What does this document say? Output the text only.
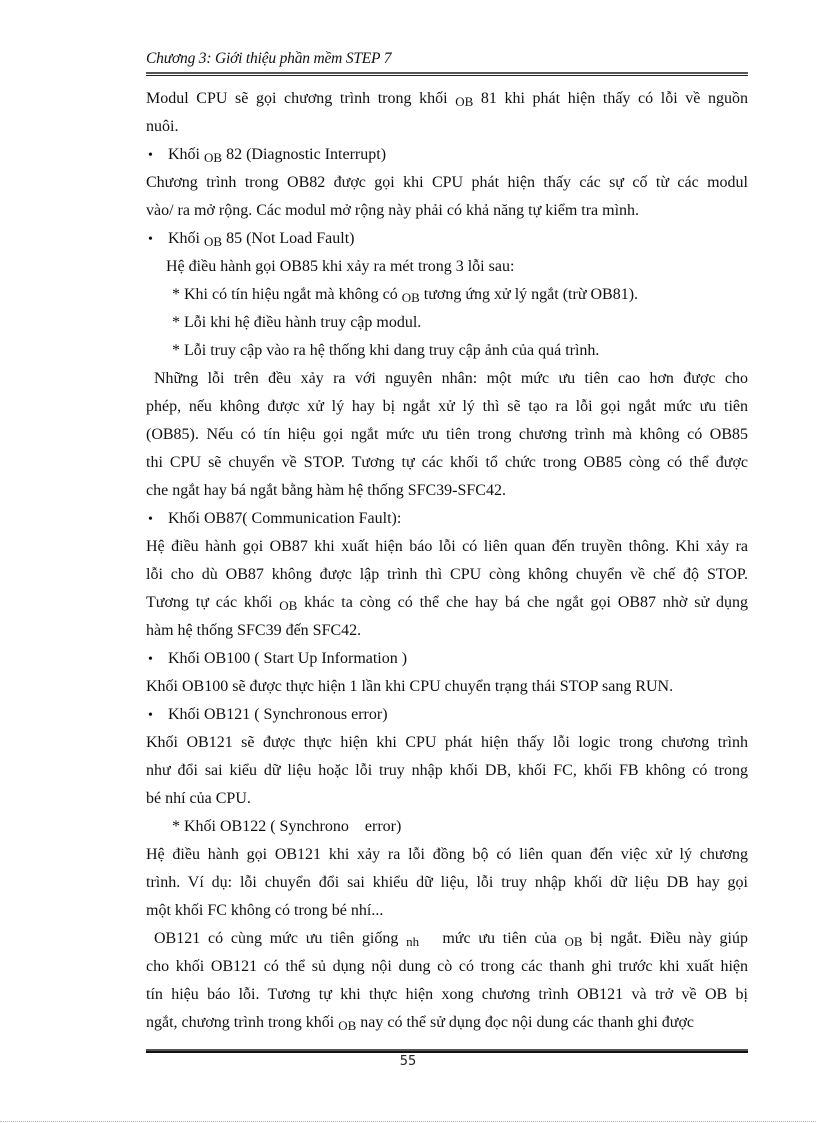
Chương 3: Giới thiệu phần mềm STEP 7
Modul CPU sẽ gọi chương trình trong khối $_{OB}$ 81 khi phát hiện thấy có lỗi về nguồn
nuôi.
• Khối $_{OB}$ 82 (Diagnostic Interrupt)
Chương trình trong OB82 được gọi khi CPU phát hiện thấy các sự cố từ các modul
vào/ ra mở rộng. Các modul mở rộng này phải có khả năng tự kiểm tra mình.
• Khối $_{OB}$ 85 (Not Load Fault)
Hệ điều hành gọi OB85 khi xảy ra mét trong 3 lỗi sau:
* Khi có tín hiệu ngắt mà không có $_{OB}$ tương ứng xử lý ngắt (trừ OB81).
* Lỗi khi hệ điều hành truy cập modul.
* Lỗi truy cập vào ra hệ thống khi dang truy cập ảnh của quá trình.
Những lỗi trên đều xảy ra với nguyên nhân: một mức ưu tiên cao hơn được cho
phép, nếu không được xử lý hay bị ngắt xử lý thì sẽ tạo ra lỗi gọi ngắt mức ưu tiên
(OB85). Nếu có tín hiệu gọi ngắt mức ưu tiên trong chương trình mà không có OB85
thi CPU sẽ chuyển về STOP. Tương tự các khối tổ chức trong OB85 còng có thể được
che ngắt hay bá ngắt bằng hàm hệ thống SFC39-SFC42.
• Khối OB87( Communication Fault):
Hệ điều hành gọi OB87 khi xuất hiện báo lỗi có liên quan đến truyền thông. Khi xảy ra
lỗi cho dù OB87 không được lập trình thì CPU còng không chuyển về chế độ STOP.
Tương tự các khối $_{OB}$ khác ta còng có thể che hay bá che ngắt gọi OB87 nhờ sử dụng
hàm hệ thống SFC39 đến SFC42.
• Khối OB100 ( Start Up Information )
Khối OB100 sẽ được thực hiện 1 lần khi CPU chuyển trạng thái STOP sang RUN.
• Khối OB121 ( Synchronous error)
Khối OB121 sẽ được thực hiện khi CPU phát hiện thấy lỗi logic trong chương trình
như đổi sai kiểu dữ liệu hoặc lỗi truy nhập khối DB, khối FC, khối FB không có trong
bé nhí của CPU.
* Khối OB122 ( Synchrono    error)
Hệ điều hành gọi OB121 khi xảy ra lỗi đồng bộ có liên quan đến việc xử lý chương
trình. Ví dụ: lỗi chuyển đổi sai khiểu dữ liệu, lỗi truy nhập khối dữ liệu DB hay gọi
một khối FC không có trong bé nhí...
OB121 có cùng mức ưu tiên giống $_{nh}$   mức ưu tiên của $_{OB}$ bị ngắt. Điều này giúp
cho khối OB121 có thể sủ dụng nội dung cò có trong các thanh ghi trước khi xuất hiện
tín hiệu báo lỗi. Tương tự khi thực hiện xong chương trình OB121 và trở về OB bị
ngắt, chương trình trong khối $_{OB}$ nay có thể sử dụng đọc nội dung các thanh ghi được
55
